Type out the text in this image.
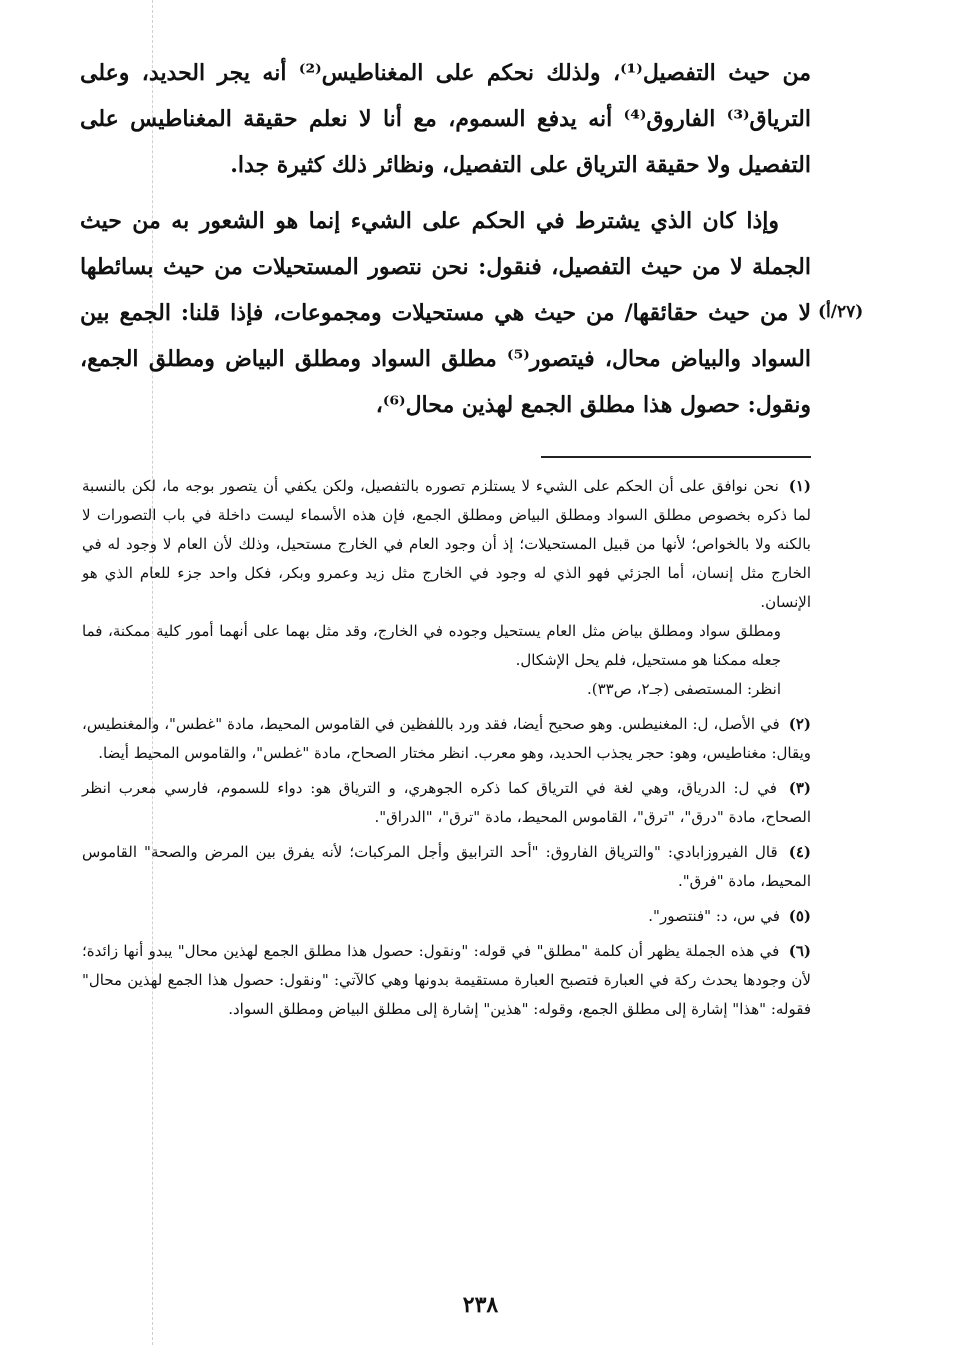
من حيث التفصيل⁽¹⁾، ولذلك نحكم على المغناطيس⁽²⁾ أنه يجر الحديد، وعلى الترياق⁽³⁾ الفاروق⁽⁴⁾ أنه يدفع السموم، مع أنا لا نعلم حقيقة المغناطيس على التفصيل ولا حقيقة الترياق على التفصيل، ونظائر ذلك كثيرة جدا.

وإذا كان الذي يشترط في الحكم على الشيء إنما هو الشعور به من حيث الجملة لا من حيث التفصيل، فنقول: نحن نتصور المستحيلات من حيث بسائطها لا من حيث حقائقها/ من حيث هي مستحيلات ومجموعات، فإذا قلنا: الجمع بين السواد والبياض محال، فيتصور⁽⁵⁾ مطلق السواد ومطلق البياض ومطلق الجمع، ونقول: حصول هذا مطلق الجمع لهذين محال⁽⁶⁾،

(٢٧/أ)
(١) نحن نوافق على أن الحكم على الشيء لا يستلزم تصوره بالتفصيل، ولكن يكفي أن يتصور بوجه ما، لكن بالنسبة لما ذكره بخصوص مطلق السواد ومطلق البياض ومطلق الجمع، فإن هذه الأسماء ليست داخلة في باب التصورات لا بالكنه ولا بالخواص؛ لأنها من قبيل المستحيلات؛ إذ أن وجود العام في الخارج مستحيل، وذلك لأن العام لا وجود له في الخارج مثل إنسان، أما الجزئي فهو الذي له وجود في الخارج مثل زيد وعمرو وبكر، فكل واحد جزء للعام الذي هو الإنسان.
ومطلق سواد ومطلق بياض مثل العام يستحيل وجوده في الخارج، وقد مثل بهما على أنهما أمور كلية ممكنة، فما جعله ممكنا هو مستحيل، فلم يحل الإشكال.
انظر: المستصفى (جـ٢، ص٣٣).
(٢) في الأصل، ل: المغنيطس. وهو صحيح أيضا، فقد ورد باللفظين في القاموس المحيط، مادة "غطس"، والمغنطيس، ويقال: مغناطيس، وهو: حجر يجذب الحديد، وهو معرب. انظر مختار الصحاح، مادة "غطس"، والقاموس المحيط أيضا.
(٣) في ل: الدرياق، وهي لغة في الترياق كما ذكره الجوهري، و الترياق هو: دواء للسموم، فارسي معرب انظر الصحاح، مادة "درق"، "ترق"، القاموس المحيط، مادة "ترق"، "الدراق".
(٤) قال الفيروزابادي: "والترياق الفاروق: "أحد الترابيق وأجل المركبات؛ لأنه يفرق بين المرض والصحة" القاموس المحيط، مادة "فرق".
(٥) في س، د: "فنتصور".
(٦) في هذه الجملة يظهر أن كلمة "مطلق" في قوله: "ونقول: حصول هذا مطلق الجمع لهذين محال" يبدو أنها زائدة؛ لأن وجودها يحدث ركة في العبارة فتصبح العبارة مستقيمة بدونها وهي كالآتي: "ونقول: حصول هذا الجمع لهذين محال" فقوله: "هذا" إشارة إلى مطلق الجمع، وقوله: "هذين" إشارة إلى مطلق البياض ومطلق السواد.
٢٣٨
